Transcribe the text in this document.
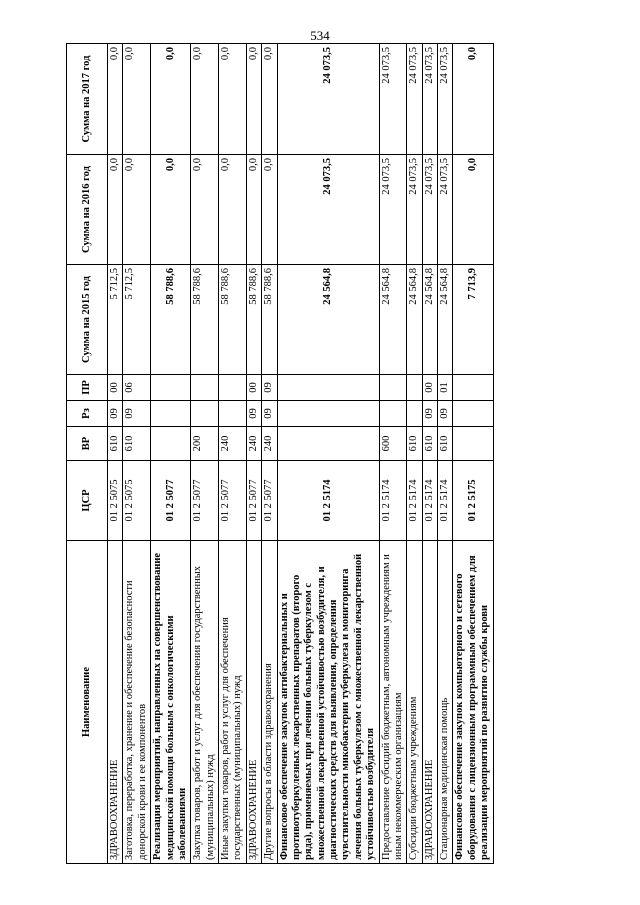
534
Наименование	ЦСР	ВР	Рз	ПР	Сумма на 2015 год	Сумма на 2016 год	Сумма на 2017 год
ЗДРАВООХРАНЕНИЕ	01 2 5075	610	09	00	5 712,5	0,0	0,0
Заготовка, переработка, хранение и обеспечение безопасности донорской крови и ее компонентов	01 2 5075	610	09	06	5 712,5	0,0	0,0
Реализация мероприятий, направленных на совершенствование медицинской помощи больным с онкологическими заболеваниями	01 2 5077				58 788,6	0,0	0,0
Закупка товаров, работ и услуг для обеспечения государственных (муниципальных) нужд	01 2 5077	200			58 788,6	0,0	0,0
Иные закупки товаров, работ и услуг для обеспечения государственных (муниципальных) нужд	01 2 5077	240			58 788,6	0,0	0,0
ЗДРАВООХРАНЕНИЕ	01 2 5077	240	09	00	58 788,6	0,0	0,0
Другие вопросы в области здравоохранения	01 2 5077	240	09	09	58 788,6	0,0	0,0
Финансовое обеспечение закупок антибактериальных и противотуберкулезных лекарственных препаратов (второго ряда), применяемых при лечении больных туберкулезом с множественной лекарственной устойчивостью возбудителя, и диагностических средств для выявления, определения чувствительности микобактерии туберкулеза и мониторинга лечения больных туберкулезом с множественной лекарственной устойчивостью возбудителя	01 2 5174				24 564,8	24 073,5	24 073,5
Предоставление субсидий бюджетным, автономным учреждениям и иным некоммерческим организациям	01 2 5174	600			24 564,8	24 073,5	24 073,5
Субсидии бюджетным учреждениям	01 2 5174	610			24 564,8	24 073,5	24 073,5
ЗДРАВООХРАНЕНИЕ	01 2 5174	610	09	00	24 564,8	24 073,5	24 073,5
Стационарная медицинская помощь	01 2 5174	610	09	01	24 564,8	24 073,5	24 073,5
Финансовое обеспечение закупок компьютерного и сетевого оборудования с лицензионным программным обеспечением для реализации мероприятий по развитию службы крови	01 2 5175				7 713,9	0,0	0,0
